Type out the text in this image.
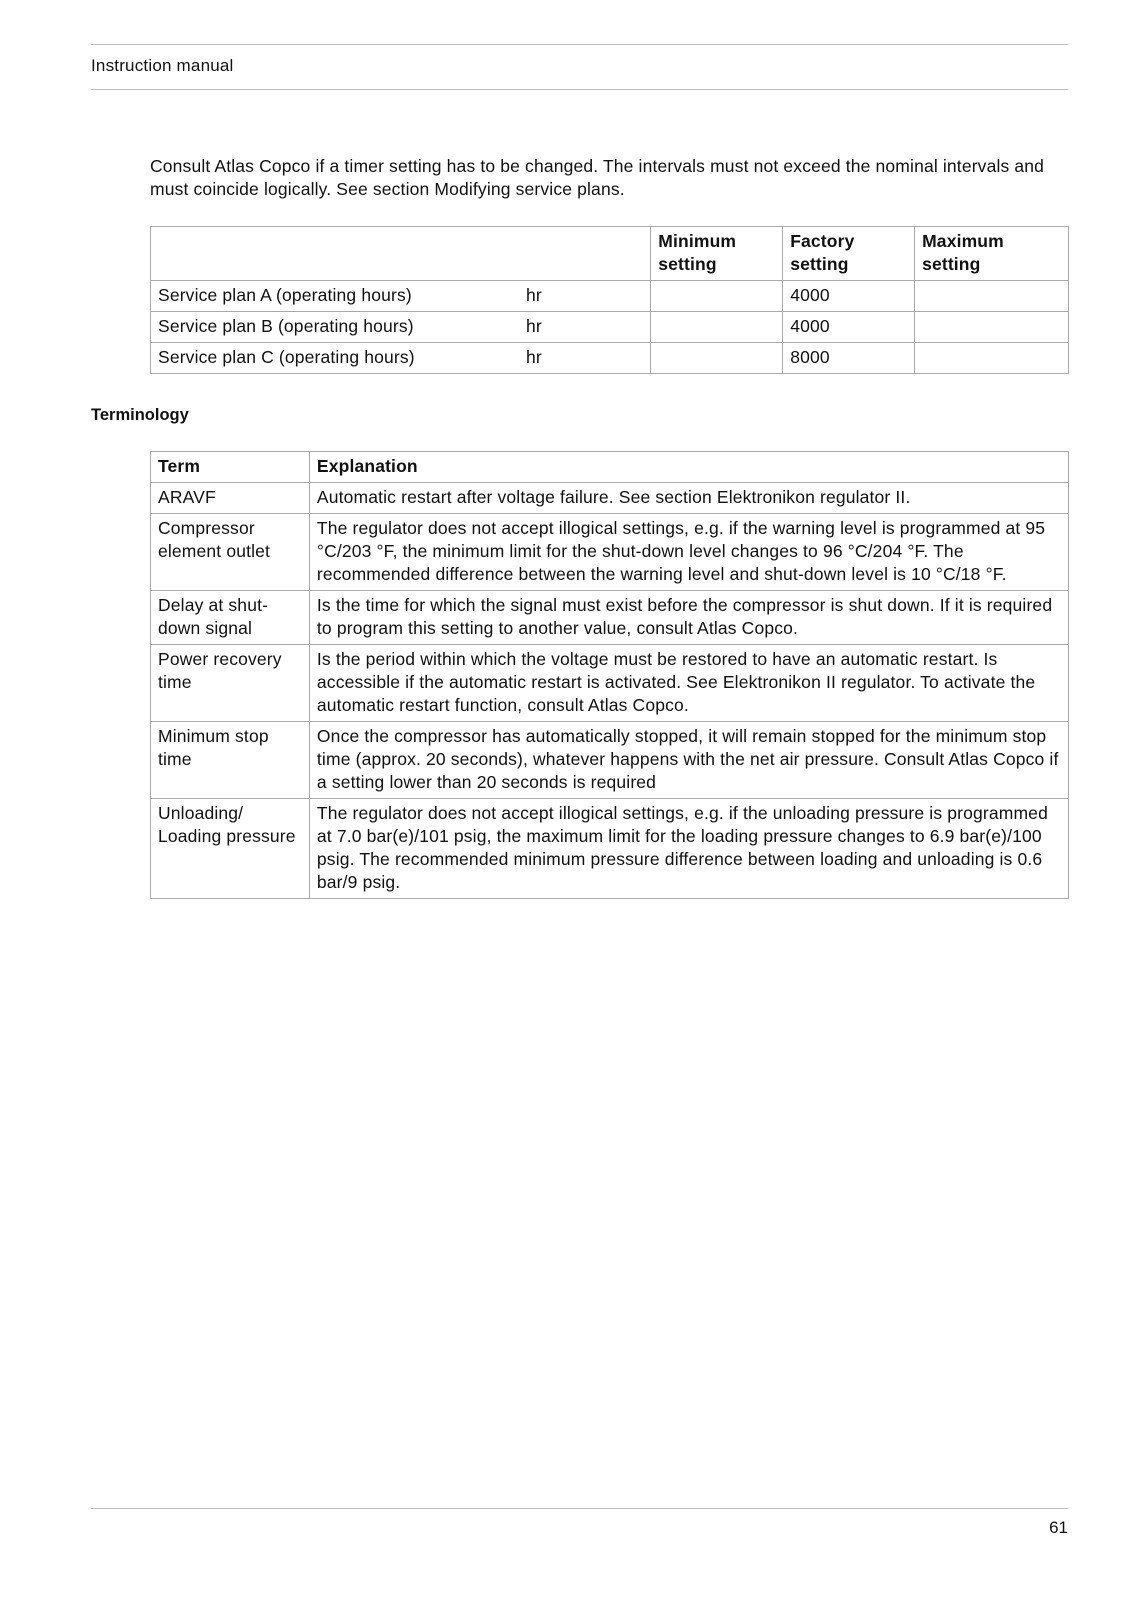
Instruction manual
Consult Atlas Copco if a timer setting has to be changed. The intervals must not exceed the nominal intervals and must coincide logically. See section Modifying service plans.
		Minimum setting	Factory setting	Maximum setting
Service plan A (operating hours)	hr		4000	
Service plan B (operating hours)	hr		4000	
Service plan C (operating hours)	hr		8000	
Terminology
Term	Explanation
ARAVF	Automatic restart after voltage failure. See section Elektronikon regulator II.
Compressor element outlet	The regulator does not accept illogical settings, e.g. if the warning level is programmed at 95 °C/203 °F, the minimum limit for the shut-down level changes to 96 °C/204 °F. The recommended difference between the warning level and shut-down level is 10 °C/18 °F.
Delay at shut-down signal	Is the time for which the signal must exist before the compressor is shut down. If it is required to program this setting to another value, consult Atlas Copco.
Power recovery time	Is the period within which the voltage must be restored to have an automatic restart. Is accessible if the automatic restart is activated. See Elektronikon II regulator. To activate the automatic restart function, consult Atlas Copco.
Minimum stop time	Once the compressor has automatically stopped, it will remain stopped for the minimum stop time (approx. 20 seconds), whatever happens with the net air pressure. Consult Atlas Copco if a setting lower than 20 seconds is required
Unloading/ Loading pressure	The regulator does not accept illogical settings, e.g. if the unloading pressure is programmed at 7.0 bar(e)/101 psig, the maximum limit for the loading pressure changes to 6.9 bar(e)/100 psig. The recommended minimum pressure difference between loading and unloading is 0.6 bar/9 psig.
61
